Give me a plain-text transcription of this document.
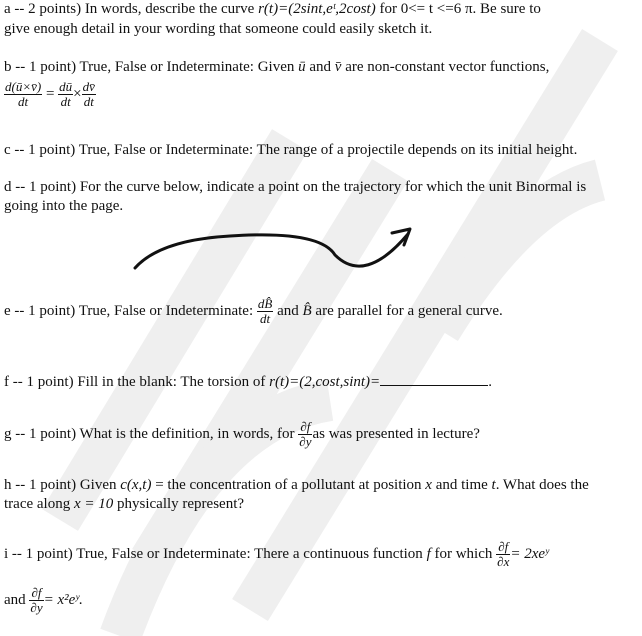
a -- 2 points) In words, describe the curve r(t)=(2sint,eᵗ,2cost) for 0<= t <=6 π. Be sure to
give enough detail in your wording that someone could easily sketch it.
b -- 1 point) True, False or Indeterminate: Given ū and v̄ are non-constant vector functions,
$\frac{d(ū\times v̄)}{dt} = \frac{dū}{dt} \times \frac{dv̄}{dt}$
c -- 1 point) True, False or Indeterminate: The range of a projectile depends on its initial height.
d -- 1 point) For the curve below, indicate a point on the trajectory for which the unit Binormal is
going into the page.
e -- 1 point) True, False or Indeterminate: $\frac{dB̂}{dt}$ and B̂ are parallel for a general curve.
f -- 1 point) Fill in the blank: The torsion of r(t)=(2,cost,sint)=	.
g -- 1 point) What is the definition, in words, for $\frac{\partial f}{\partial y}$ as was presented in lecture?
h -- 1 point) Given c(x,t) = the concentration of a pollutant at position x and time t. What does the
trace along x = 10 physically represent?
i -- 1 point) True, False or Indeterminate: There a continuous function f for which $\frac{\partial f}{\partial x}$ = 2xeʸ
and $\frac{\partial f}{\partial y}$ = x²eʸ.
